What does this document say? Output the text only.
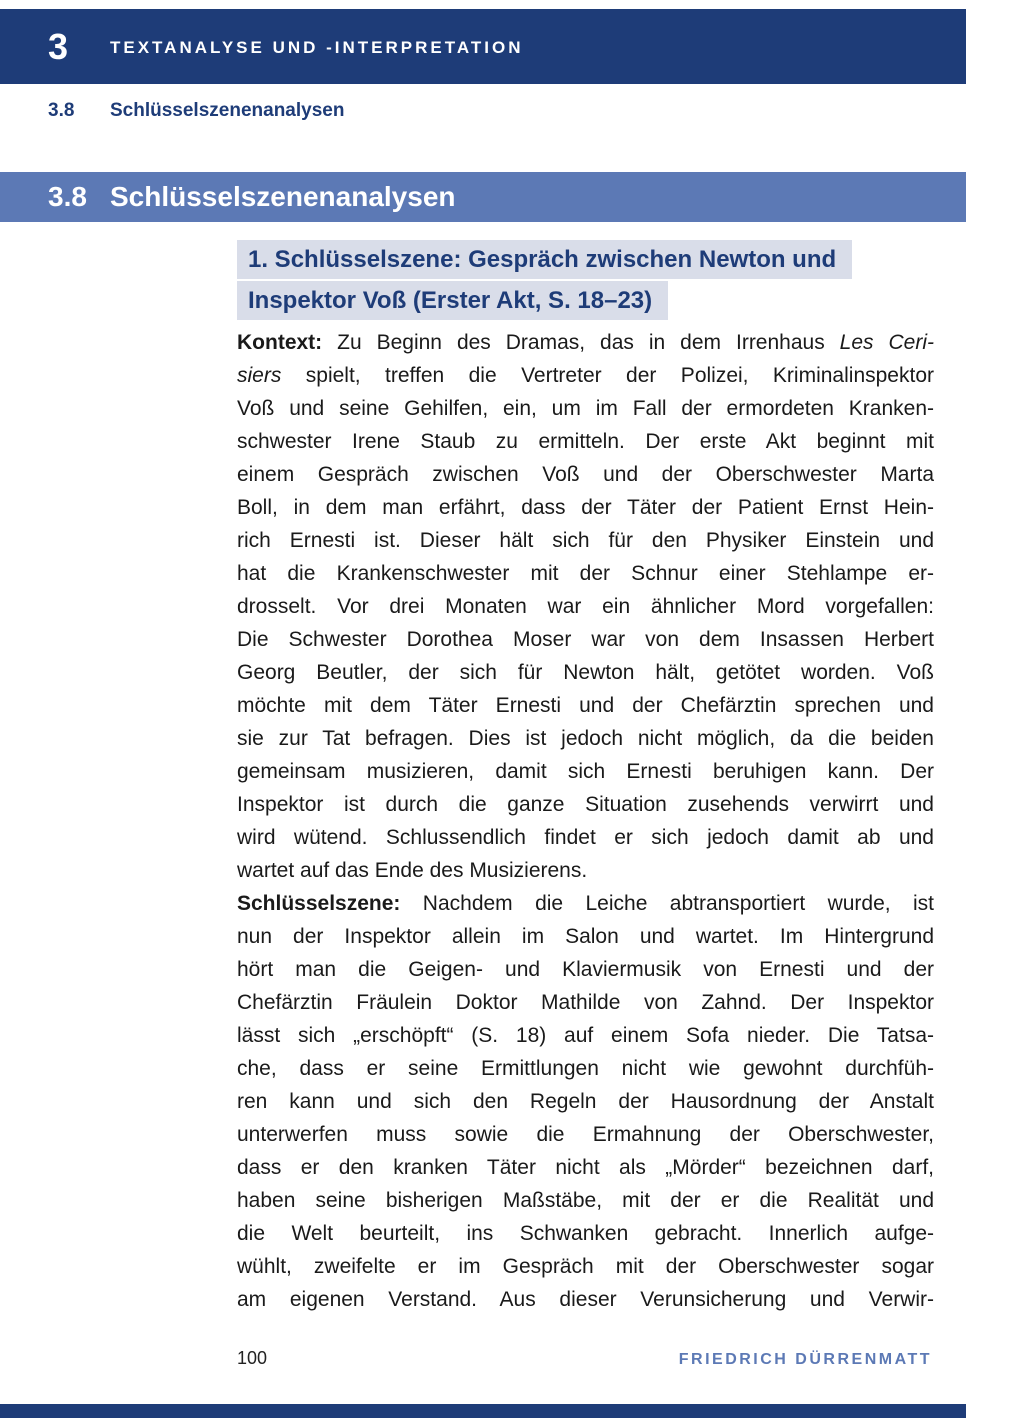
3	TEXTANALYSE UND -INTERPRETATION
3.8	Schlüsselszenenanalysen
3.8 Schlüsselszenenanalysen
1. Schlüsselszene: Gespräch zwischen Newton und
Inspektor Voß (Erster Akt, S. 18–23)
Kontext: Zu Beginn des Dramas, das in dem Irrenhaus Les Ceri-
siers spielt, treffen die Vertreter der Polizei, Kriminalinspektor
Voß und seine Gehilfen, ein, um im Fall der ermordeten Kranken-
schwester Irene Staub zu ermitteln. Der erste Akt beginnt mit
einem Gespräch zwischen Voß und der Oberschwester Marta
Boll, in dem man erfährt, dass der Täter der Patient Ernst Hein-
rich Ernesti ist. Dieser hält sich für den Physiker Einstein und
hat die Krankenschwester mit der Schnur einer Stehlampe er-
drosselt. Vor drei Monaten war ein ähnlicher Mord vorgefallen:
Die Schwester Dorothea Moser war von dem Insassen Herbert
Georg Beutler, der sich für Newton hält, getötet worden. Voß
möchte mit dem Täter Ernesti und der Chefärztin sprechen und
sie zur Tat befragen. Dies ist jedoch nicht möglich, da die beiden
gemeinsam musizieren, damit sich Ernesti beruhigen kann. Der
Inspektor ist durch die ganze Situation zusehends verwirrt und
wird wütend. Schlussendlich findet er sich jedoch damit ab und
wartet auf das Ende des Musizierens.
Schlüsselszene: Nachdem die Leiche abtransportiert wurde, ist
nun der Inspektor allein im Salon und wartet. Im Hintergrund
hört man die Geigen- und Klaviermusik von Ernesti und der
Chefärztin Fräulein Doktor Mathilde von Zahnd. Der Inspektor
lässt sich „erschöpft“ (S. 18) auf einem Sofa nieder. Die Tatsa-
che, dass er seine Ermittlungen nicht wie gewohnt durchfüh-
ren kann und sich den Regeln der Hausordnung der Anstalt
unterwerfen muss sowie die Ermahnung der Oberschwester,
dass er den kranken Täter nicht als „Mörder“ bezeichnen darf,
haben seine bisherigen Maßstäbe, mit der er die Realität und
die Welt beurteilt, ins Schwanken gebracht. Innerlich aufge-
wühlt, zweifelte er im Gespräch mit der Oberschwester sogar
am eigenen Verstand. Aus dieser Verunsicherung und Verwir-
100	FRIEDRICH DÜRRENMATT
